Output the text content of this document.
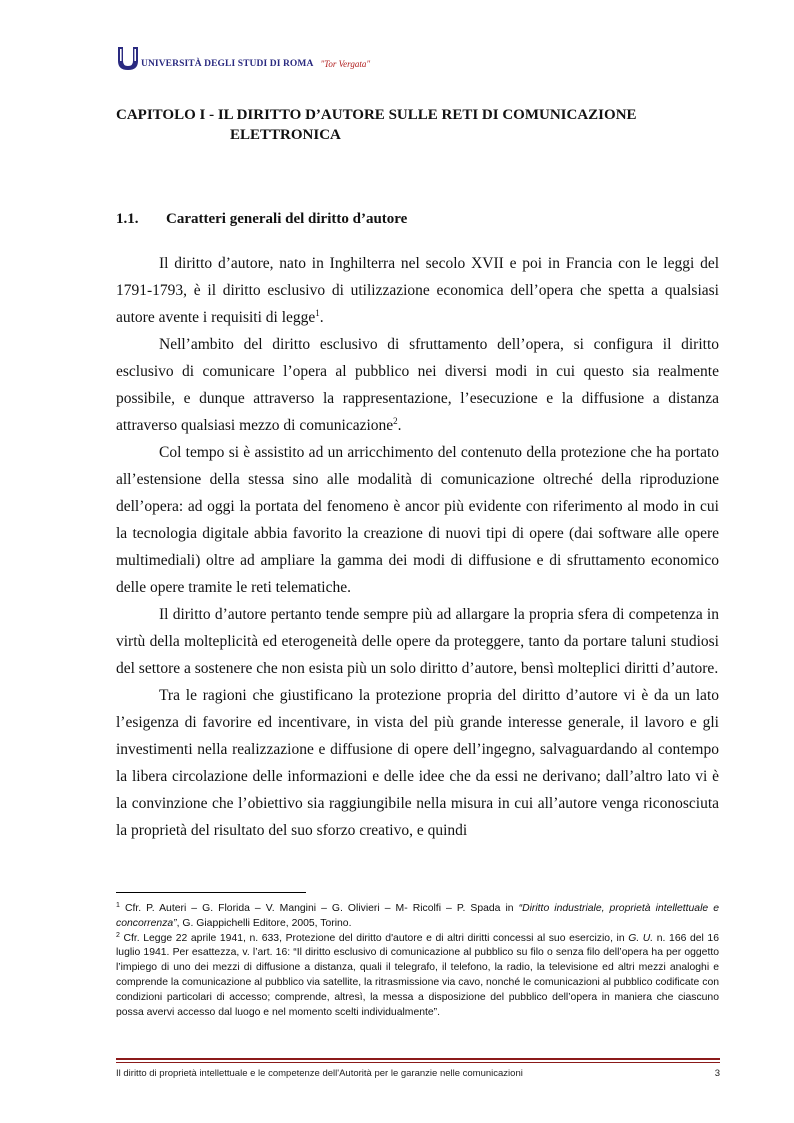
UNIVERSITÀ DEGLI STUDI DI ROMA "Tor Vergata"
CAPITOLO I - IL DIRITTO D’AUTORE SULLE RETI DI COMUNICAZIONE
ELETTRONICA
1.1. Caratteri generali del diritto d’autore

Il diritto d’autore, nato in Inghilterra nel secolo XVII e poi in Francia con le leggi del 1791-1793, è il diritto esclusivo di utilizzazione economica dell’opera che spetta a qualsiasi autore avente i requisiti di legge$^1$.

Nell’ambito del diritto esclusivo di sfruttamento dell’opera, si configura il diritto esclusivo di comunicare l’opera al pubblico nei diversi modi in cui questo sia realmente possibile, e dunque attraverso la rappresentazione, l’esecuzione e la diffusione a distanza attraverso qualsiasi mezzo di comunicazione$^2$.

Col tempo si è assistito ad un arricchimento del contenuto della protezione che ha portato all’estensione della stessa sino alle modalità di comunicazione oltreché della riproduzione dell’opera: ad oggi la portata del fenomeno è ancor più evidente con riferimento al modo in cui la tecnologia digitale abbia favorito la creazione di nuovi tipi di opere (dai software alle opere multimediali) oltre ad ampliare la gamma dei modi di diffusione e di sfruttamento economico delle opere tramite le reti telematiche.

Il diritto d’autore pertanto tende sempre più ad allargare la propria sfera di competenza in virtù della molteplicità ed eterogeneità delle opere da proteggere, tanto da portare taluni studiosi del settore a sostenere che non esista più un solo diritto d’autore, bensì molteplici diritti d’autore.

Tra le ragioni che giustificano la protezione propria del diritto d’autore vi è da un lato l’esigenza di favorire ed incentivare, in vista del più grande interesse generale, il lavoro e gli investimenti nella realizzazione e diffusione di opere dell’ingegno, salvaguardando al contempo la libera circolazione delle informazioni e delle idee che da essi ne derivano; dall’altro lato vi è la convinzione che l’obiettivo sia raggiungibile nella misura in cui all’autore venga riconosciuta la proprietà del risultato del suo sforzo creativo, e quindi

$^1$ Cfr. P. Auteri – G. Florida – V. Mangini – G. Olivieri – M- Ricolfi – P. Spada in “Diritto industriale, proprietà intellettuale e concorrenza”, G. Giappichelli Editore, 2005, Torino.

$^2$ Cfr. Legge 22 aprile 1941, n. 633, Protezione del diritto d'autore e di altri diritti concessi al suo esercizio, in G. U. n. 166 del 16 luglio 1941. Per esattezza, v. l’art. 16: “Il diritto esclusivo di comunicazione al pubblico su filo o senza filo dell’opera ha per oggetto l’impiego di uno dei mezzi di diffusione a distanza, quali il telegrafo, il telefono, la radio, la televisione ed altri mezzi analoghi e comprende la comunicazione al pubblico via satellite, la ritrasmissione via cavo, nonché le comunicazioni al pubblico codificate con condizioni particolari di accesso; comprende, altresì, la messa a disposizione del pubblico dell’opera in maniera che ciascuno possa avervi accesso dal luogo e nel momento scelti individualmente”.

Il diritto di proprietà intellettuale e le competenze dell'Autorità per le garanzie nelle comunicazioni	3
